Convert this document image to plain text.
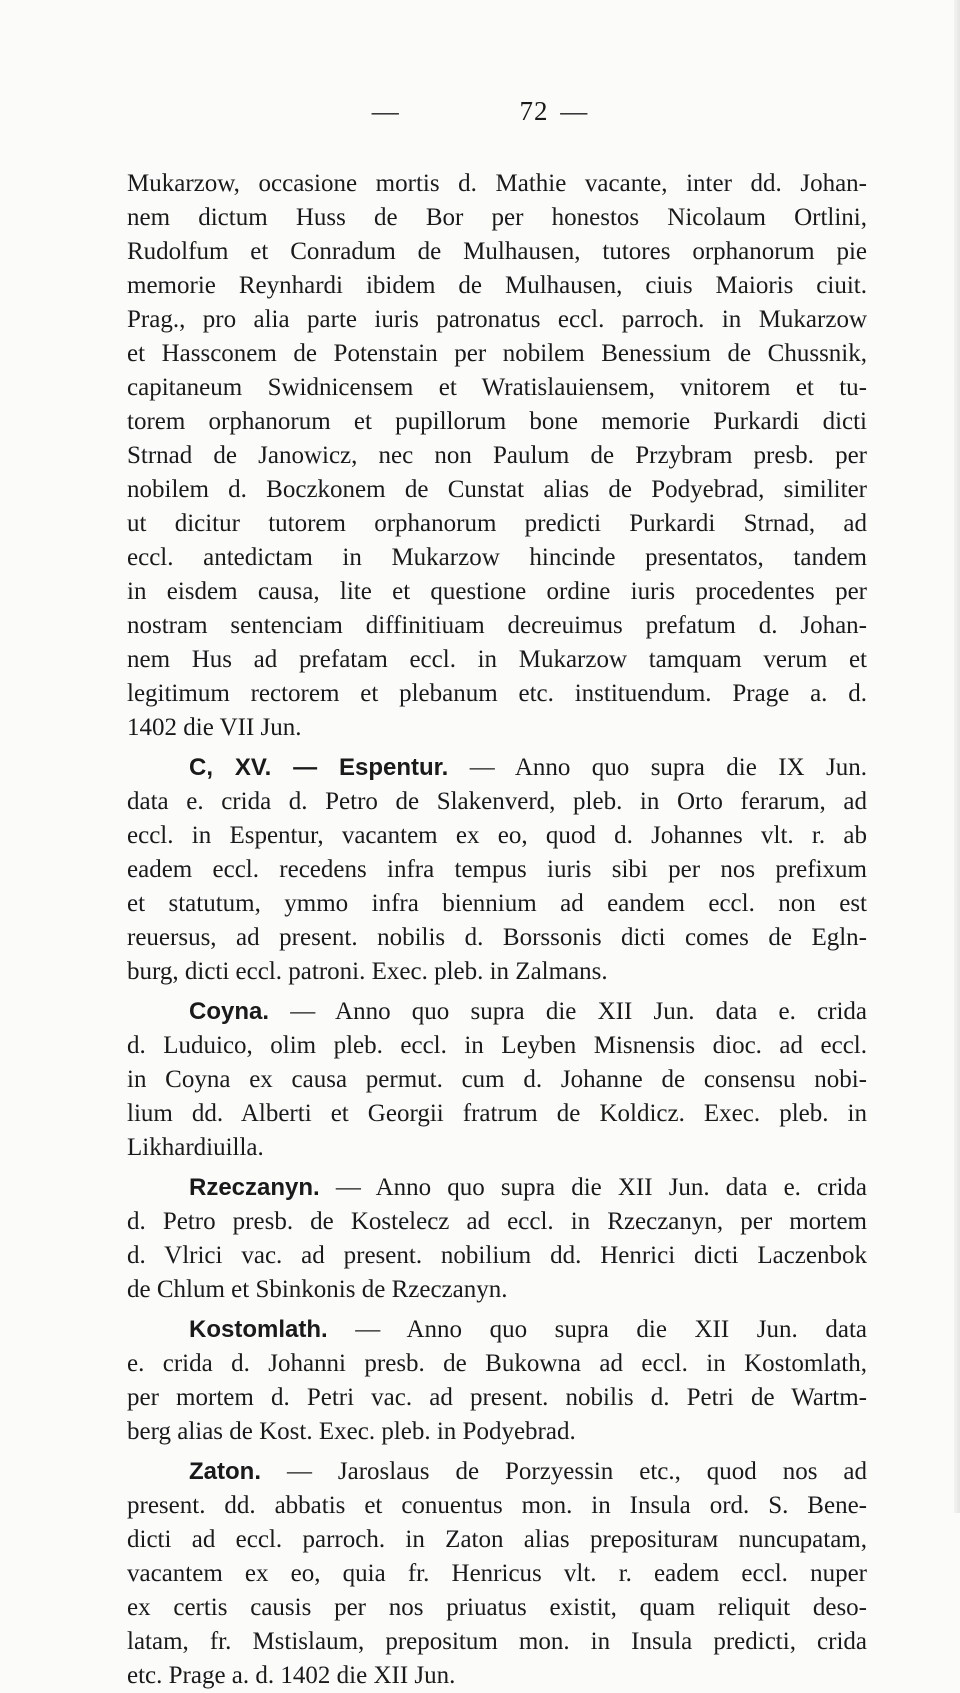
—	72 —
Mukarzow, occasione mortis d. Mathie vacante, inter dd. Johan-
nem dictum Huss de Bor per honestos Nicolaum Ortlini,
Rudolfum et Conradum de Mulhausen, tutores orphanorum pie
memorie Reynhardi ibidem de Mulhausen, ciuis Maioris ciuit.
Prag., pro alia parte iuris patronatus eccl. parroch. in Mukarzow
et Hassconem de Potenstain per nobilem Benessium de Chussnik,
capitaneum Swidnicensem et Wratislauiensem, vnitorem et tu-
torem orphanorum et pupillorum bone memorie Purkardi dicti
Strnad de Janowicz, nec non Paulum de Przybram presb. per
nobilem d. Boczkonem de Cunstat alias de Podyebrad, similiter
ut dicitur tutorem orphanorum predicti Purkardi Strnad, ad
eccl. antedictam in Mukarzow hincinde presentatos, tandem
in eisdem causa, lite et questione ordine iuris procedentes per
nostram sentenciam diffinitiuam decreuimus prefatum d. Johan-
nem Hus ad prefatam eccl. in Mukarzow tamquam verum et
legitimum rectorem et plebanum etc. instituendum. Prage a. d.
1402 die VII Jun.
C, XV. — Espentur. — Anno quo supra die IX Jun.
data e. crida d. Petro de Slakenverd, pleb. in Orto ferarum, ad
eccl. in Espentur, vacantem ex eo, quod d. Johannes vlt. r. ab
eadem eccl. recedens infra tempus iuris sibi per nos prefixum
et statutum, ymmo infra biennium ad eandem eccl. non est
reuersus, ad present. nobilis d. Borssonis dicti comes de Egln-
burg, dicti eccl. patroni. Exec. pleb. in Zalmans.
Coyna. — Anno quo supra die XII Jun. data e. crida
d. Luduico, olim pleb. eccl. in Leyben Misnensis dioc. ad eccl.
in Coyna ex causa permut. cum d. Johanne de consensu nobi-
lium dd. Alberti et Georgii fratrum de Koldicz. Exec. pleb. in
Likhardiuilla.
Rzeczanyn. — Anno quo supra die XII Jun. data e. crida
d. Petro presb. de Kostelecz ad eccl. in Rzeczanyn, per mortem
d. Vlrici vac. ad present. nobilium dd. Henrici dicti Laczenbok
de Chlum et Sbinkonis de Rzeczanyn.
Kostomlath. — Anno quo supra die XII Jun. data
e. crida d. Johanni presb. de Bukowna ad eccl. in Kostomlath,
per mortem d. Petri vac. ad present. nobilis d. Petri de Wartm-
berg alias de Kost. Exec. pleb. in Podyebrad.
Zaton. — Jaroslaus de Porzyessin etc., quod nos ad
present. dd. abbatis et conuentus mon. in Insula ord. S. Bene-
dicti ad eccl. parroch. in Zaton alias prepositurам nuncupatam,
vacantem ex eo, quia fr. Henricus vlt. r. eadem eccl. nuper
ex certis causis per nos priuatus existit, quam reliquit deso-
latam, fr. Mstislaum, prepositum mon. in Insula predicti, crida
etc. Prage a. d. 1402 die XII Jun.
